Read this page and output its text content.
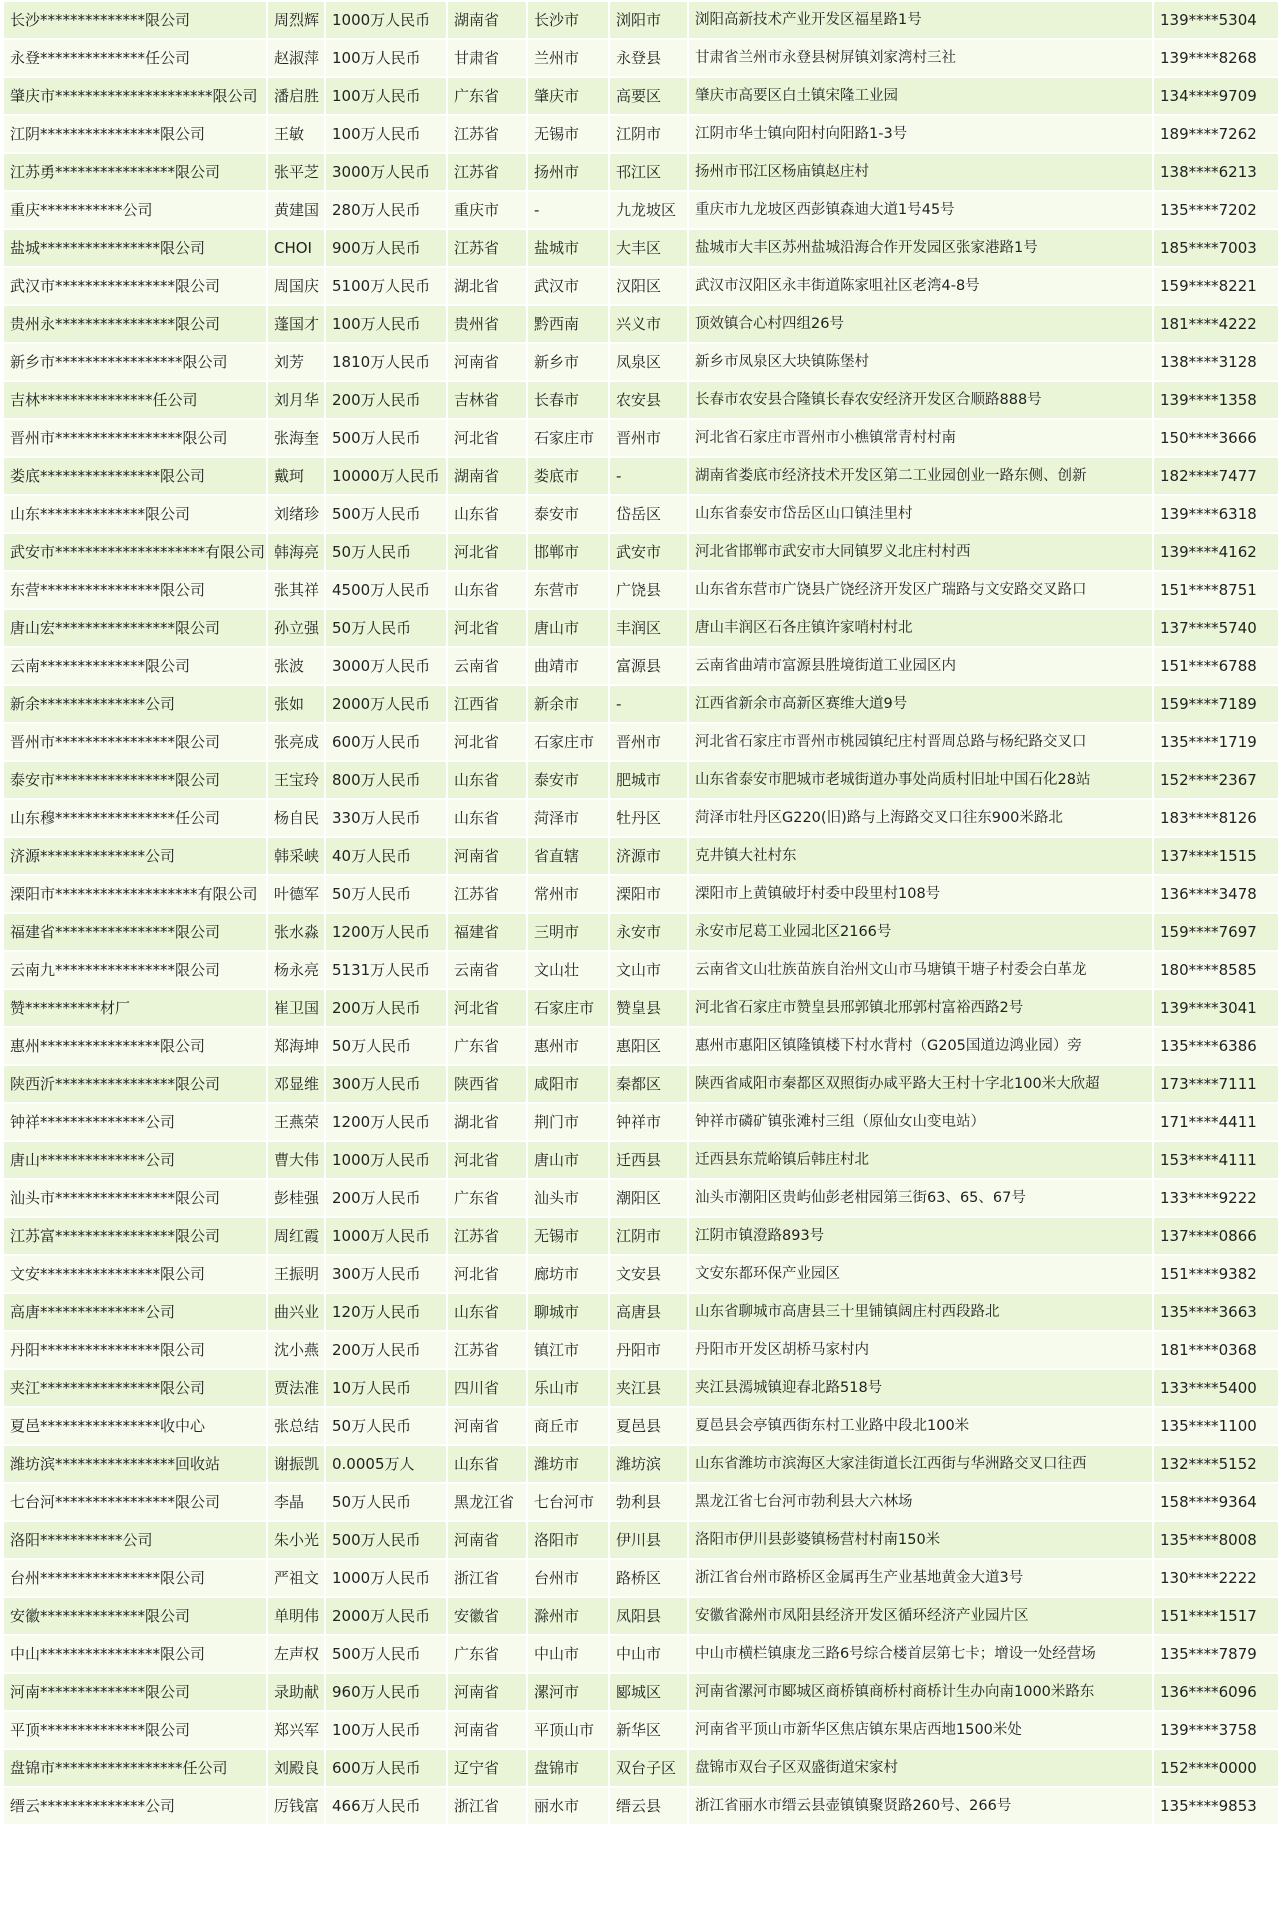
长沙**************限公司	周烈辉	1000万人民币	湖南省	长沙市	浏阳市	浏阳高新技术产业开发区福星路1号	139****5304
永登**************任公司	赵淑萍	100万人民币	甘肃省	兰州市	永登县	甘肃省兰州市永登县树屏镇刘家湾村三社	139****8268
肇庆市*********************限公司	潘启胜	100万人民币	广东省	肇庆市	高要区	肇庆市高要区白土镇宋隆工业园	134****9709
江阴****************限公司	王敏	100万人民币	江苏省	无锡市	江阴市	江阴市华士镇向阳村向阳路1-3号	189****7262
江苏勇****************限公司	张平芝	3000万人民币	江苏省	扬州市	邗江区	扬州市邗江区杨庙镇赵庄村	138****6213
重庆***********公司	黄建国	280万人民币	重庆市	-	九龙坡区	重庆市九龙坡区西彭镇森迪大道1号45号	135****7202
盐城****************限公司	CHOI	900万人民币	江苏省	盐城市	大丰区	盐城市大丰区苏州盐城沿海合作开发园区张家港路1号	185****7003
武汉市****************限公司	周国庆	5100万人民币	湖北省	武汉市	汉阳区	武汉市汉阳区永丰街道陈家咀社区老湾4-8号	159****8221
贵州永****************限公司	蓬国才	100万人民币	贵州省	黔西南	兴义市	顶效镇合心村四组26号	181****4222
新乡市*****************限公司	刘芳	1810万人民币	河南省	新乡市	凤泉区	新乡市凤泉区大块镇陈堡村	138****3128
吉林***************任公司	刘月华	200万人民币	吉林省	长春市	农安县	长春市农安县合隆镇长春农安经济开发区合顺路888号	139****1358
晋州市*****************限公司	张海奎	500万人民币	河北省	石家庄市	晋州市	河北省石家庄市晋州市小樵镇常青村村南	150****3666
娄底****************限公司	戴珂	10000万人民币	湖南省	娄底市	-	湖南省娄底市经济技术开发区第二工业园创业一路东侧、创新	182****7477
山东**************限公司	刘绪珍	500万人民币	山东省	泰安市	岱岳区	山东省泰安市岱岳区山口镇洼里村	139****6318
武安市********************有限公司	韩海亮	50万人民币	河北省	邯郸市	武安市	河北省邯郸市武安市大同镇罗义北庄村村西	139****4162
东营****************限公司	张其祥	4500万人民币	山东省	东营市	广饶县	山东省东营市广饶县广饶经济开发区广瑞路与文安路交叉路口	151****8751
唐山宏****************限公司	孙立强	50万人民币	河北省	唐山市	丰润区	唐山丰润区石各庄镇许家哨村村北	137****5740
云南**************限公司	张波	3000万人民币	云南省	曲靖市	富源县	云南省曲靖市富源县胜境街道工业园区内	151****6788
新余**************公司	张如	2000万人民币	江西省	新余市	-	江西省新余市高新区赛维大道9号	159****7189
晋州市****************限公司	张亮成	600万人民币	河北省	石家庄市	晋州市	河北省石家庄市晋州市桃园镇纪庄村晋周总路与杨纪路交叉口	135****1719
泰安市****************限公司	王宝玲	800万人民币	山东省	泰安市	肥城市	山东省泰安市肥城市老城街道办事处尚质村旧址中国石化28站	152****2367
山东穆****************任公司	杨自民	330万人民币	山东省	菏泽市	牡丹区	菏泽市牡丹区G220(旧)路与上海路交叉口往东900米路北	183****8126
济源**************公司	韩采峡	40万人民币	河南省	省直辖	济源市	克井镇大社村东	137****1515
溧阳市*******************有限公司	叶德军	50万人民币	江苏省	常州市	溧阳市	溧阳市上黄镇破圩村委中段里村108号	136****3478
福建省****************限公司	张水淼	1200万人民币	福建省	三明市	永安市	永安市尼葛工业园北区2166号	159****7697
云南九****************限公司	杨永亮	5131万人民币	云南省	文山壮	文山市	云南省文山壮族苗族自治州文山市马塘镇干塘子村委会白革龙	180****8585
赞**********材厂	崔卫国	200万人民币	河北省	石家庄市	赞皇县	河北省石家庄市赞皇县邢郭镇北邢郭村富裕西路2号	139****3041
惠州****************限公司	郑海坤	50万人民币	广东省	惠州市	惠阳区	惠州市惠阳区镇隆镇楼下村水背村（G205国道边鸿业园）旁	135****6386
陕西沂****************限公司	邓显维	300万人民币	陕西省	咸阳市	秦都区	陕西省咸阳市秦都区双照街办咸平路大王村十字北100米大欣超	173****7111
钟祥**************公司	王燕荣	1200万人民币	湖北省	荆门市	钟祥市	钟祥市磷矿镇张滩村三组（原仙女山变电站）	171****4411
唐山**************公司	曹大伟	1000万人民币	河北省	唐山市	迁西县	迁西县东荒峪镇后韩庄村北	153****4111
汕头市****************限公司	彭桂强	200万人民币	广东省	汕头市	潮阳区	汕头市潮阳区贵屿仙彭老柑园第三街63、65、67号	133****9222
江苏富****************限公司	周红霞	1000万人民币	江苏省	无锡市	江阴市	江阴市镇澄路893号	137****0866
文安****************限公司	王振明	300万人民币	河北省	廊坊市	文安县	文安东都环保产业园区	151****9382
高唐**************公司	曲兴业	120万人民币	山东省	聊城市	高唐县	山东省聊城市高唐县三十里铺镇阔庄村西段路北	135****3663
丹阳****************限公司	沈小燕	200万人民币	江苏省	镇江市	丹阳市	丹阳市开发区胡桥马家村内	181****0368
夹江****************限公司	贾法准	10万人民币	四川省	乐山市	夹江县	夹江县漹城镇迎春北路518号	133****5400
夏邑****************收中心	张总结	50万人民币	河南省	商丘市	夏邑县	夏邑县会亭镇西街东村工业路中段北100米	135****1100
潍坊滨****************回收站	谢振凯	0.0005万人	山东省	潍坊市	潍坊滨	山东省潍坊市滨海区大家洼街道长江西街与华洲路交叉口往西	132****5152
七台河****************限公司	李晶	50万人民币	黑龙江省	七台河市	勃利县	黑龙江省七台河市勃利县大六林场	158****9364
洛阳***********公司	朱小光	500万人民币	河南省	洛阳市	伊川县	洛阳市伊川县彭婆镇杨营村村南150米	135****8008
台州****************限公司	严祖文	1000万人民币	浙江省	台州市	路桥区	浙江省台州市路桥区金属再生产业基地黄金大道3号	130****2222
安徽**************限公司	单明伟	2000万人民币	安徽省	滁州市	凤阳县	安徽省滁州市凤阳县经济开发区循环经济产业园片区	151****1517
中山****************限公司	左声权	500万人民币	广东省	中山市	中山市	中山市横栏镇康龙三路6号综合楼首层第七卡；增设一处经营场	135****7879
河南**************限公司	录助献	960万人民币	河南省	漯河市	郾城区	河南省漯河市郾城区商桥镇商桥村商桥计生办向南1000米路东	136****6096
平顶**************限公司	郑兴军	100万人民币	河南省	平顶山市	新华区	河南省平顶山市新华区焦店镇东果店西地1500米处	139****3758
盘锦市*****************任公司	刘殿良	600万人民币	辽宁省	盘锦市	双台子区	盘锦市双台子区双盛街道宋家村	152****0000
缙云**************公司	厉钱富	466万人民币	浙江省	丽水市	缙云县	浙江省丽水市缙云县壶镇镇聚贤路260号、266号	135****9853
